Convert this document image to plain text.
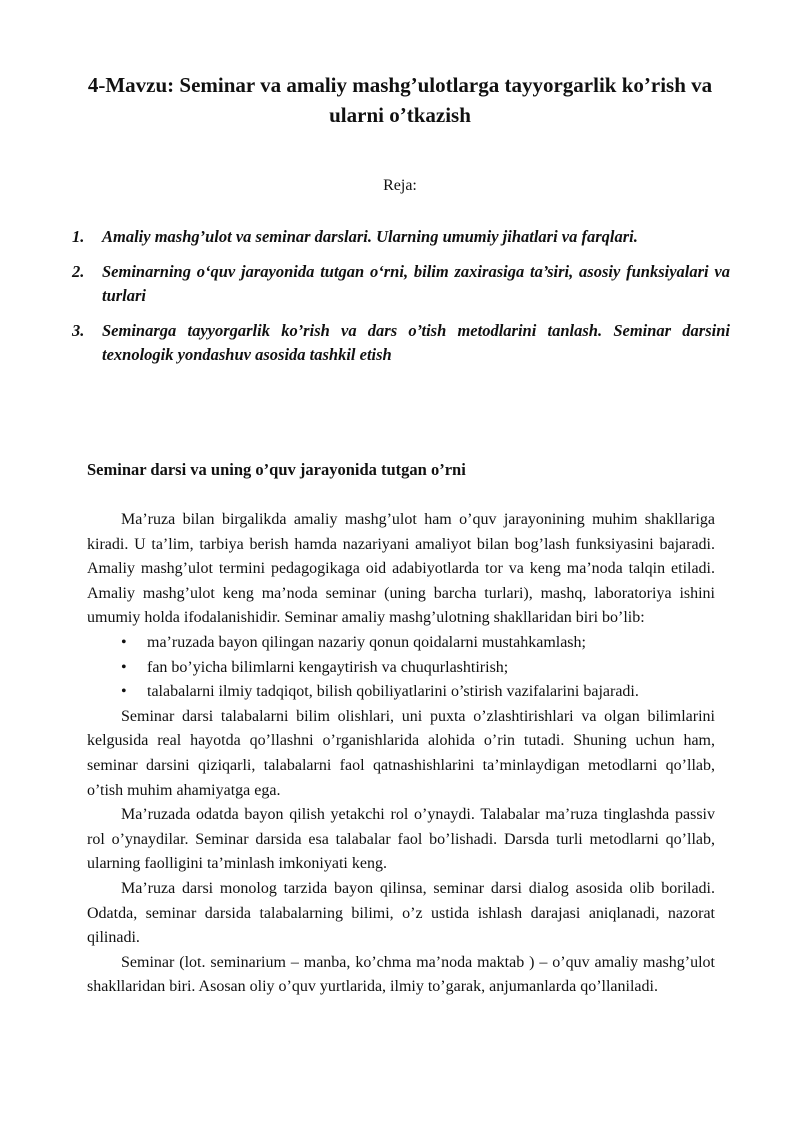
4-Mavzu: Seminar va amaliy mashg’ulotlarga tayyorgarlik ko’rish va ularni o’tkazish

Reja:

1. Amaliy mashg’ulot va seminar darslari. Ularning umumiy jihatlari va farqlari.
2. Seminarning o‘quv jarayonida tutgan o‘rni, bilim zaxirasiga ta’siri, asosiy funksiyalari va turlari
3. Seminarga tayyorgarlik ko’rish va dars o’tish metodlarini tanlash. Seminar darsini texnologik yondashuv asosida tashkil etish
Seminar darsi va uning o’quv jarayonida tutgan o’rni

Ma’ruza bilan birgalikda amaliy mashg’ulot ham o’quv jarayonining muhim shakllariga kiradi. U ta’lim, tarbiya berish hamda nazariyani amaliyot bilan bog’lash funksiyasini bajaradi. Amaliy mashg’ulot termini pedagogikaga oid adabiyotlarda tor va keng ma’noda talqin etiladi. Amaliy mashg’ulot keng ma’noda seminar (uning barcha turlari), mashq, laboratoriya ishini umumiy holda ifodalanishidir. Seminar amaliy mashg’ulotning shakllaridan biri bo’lib:

• ma’ruzada bayon qilingan nazariy qonun qoidalarni mustahkamlash;
• fan bo’yicha bilimlarni kengaytirish va chuqurlashtirish;
• talabalarni ilmiy tadqiqot, bilish qobiliyatlarini o’stirish vazifalarini bajaradi.

Seminar darsi talabalarni bilim olishlari, uni puxta o’zlashtirishlari va olgan bilimlarini kelgusida real hayotda qo’llashni o’rganishlarida alohida o’rin tutadi. Shuning uchun ham, seminar darsini qiziqarli, talabalarni faol qatnashishlarini ta’minlaydigan metodlarni qo’llab, o’tish muhim ahamiyatga ega.

Ma’ruzada odatda bayon qilish yetakchi rol o’ynaydi. Talabalar ma’ruza tinglashda passiv rol o’ynaydilar. Seminar darsida esa talabalar faol bo’lishadi. Darsda turli metodlarni qo’llab, ularning faolligini ta’minlash imkoniyati keng.

Ma’ruza darsi monolog tarzida bayon qilinsa, seminar darsi dialog asosida olib boriladi. Odatda, seminar darsida talabalarning bilimi, o’z ustida ishlash darajasi aniqlanadi, nazorat qilinadi.

Seminar (lot. seminarium – manba, ko’chma ma’noda maktab ) – o’quv amaliy mashg’ulot shakllaridan biri. Asosan oliy o’quv yurtlarida, ilmiy to’garak, anjumanlarda qo’llaniladi.
